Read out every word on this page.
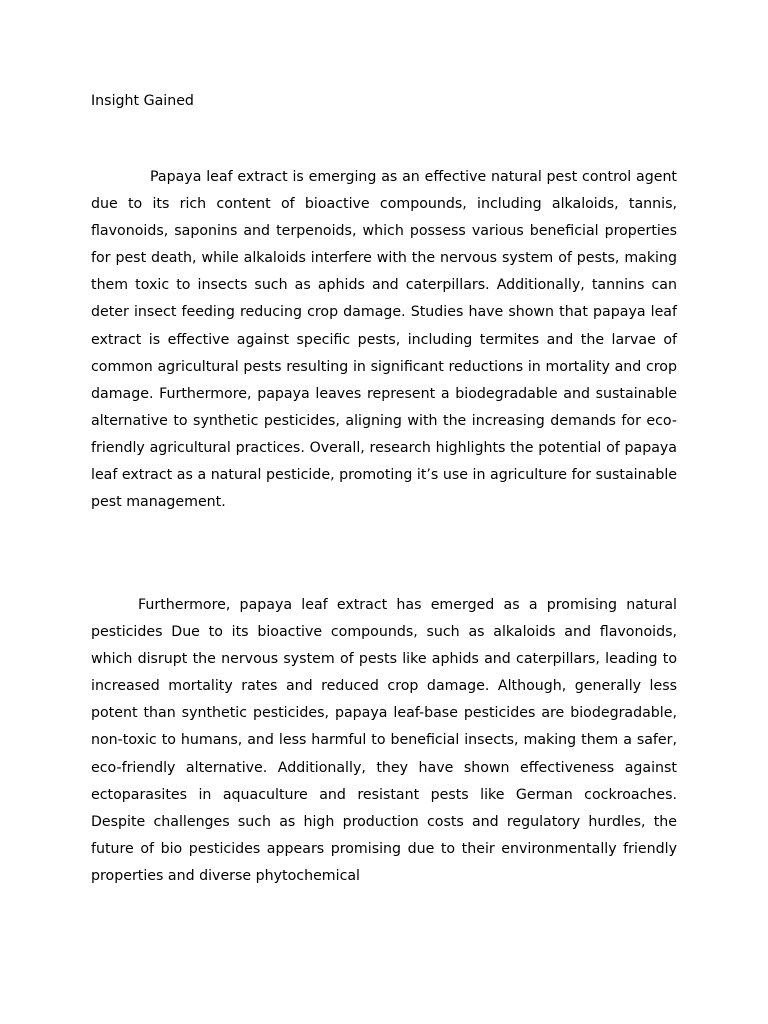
Insight Gained

Papaya leaf extract is emerging as an effective natural pest control agent due to its rich content of bioactive compounds, including alkaloids, tannis, flavonoids, saponins and terpenoids, which possess various beneficial properties for pest death, while alkaloids interfere with the nervous system of pests, making them toxic to insects such as aphids and caterpillars. Additionally, tannins can deter insect feeding reducing crop damage. Studies have shown that papaya leaf extract is effective against specific pests, including termites and the larvae of common agricultural pests resulting in significant reductions in mortality and crop damage. Furthermore, papaya leaves represent a biodegradable and sustainable alternative to synthetic pesticides, aligning with the increasing demands for eco-friendly agricultural practices. Overall, research highlights the potential of papaya leaf extract as a natural pesticide, promoting it’s use in agriculture for sustainable pest management.

Furthermore, papaya leaf extract has emerged as a promising natural pesticides Due to its bioactive compounds, such as alkaloids and flavonoids, which disrupt the nervous system of pests like aphids and caterpillars, leading to increased mortality rates and reduced crop damage. Although, generally less potent than synthetic pesticides, papaya leaf-base pesticides are biodegradable, non-toxic to humans, and less harmful to beneficial insects, making them a safer, eco-friendly alternative. Additionally, they have shown effectiveness against ectoparasites in aquaculture and resistant pests like German cockroaches. Despite challenges such as high production costs and regulatory hurdles, the future of bio pesticides appears promising due to their environmentally friendly properties and diverse phytochemical
